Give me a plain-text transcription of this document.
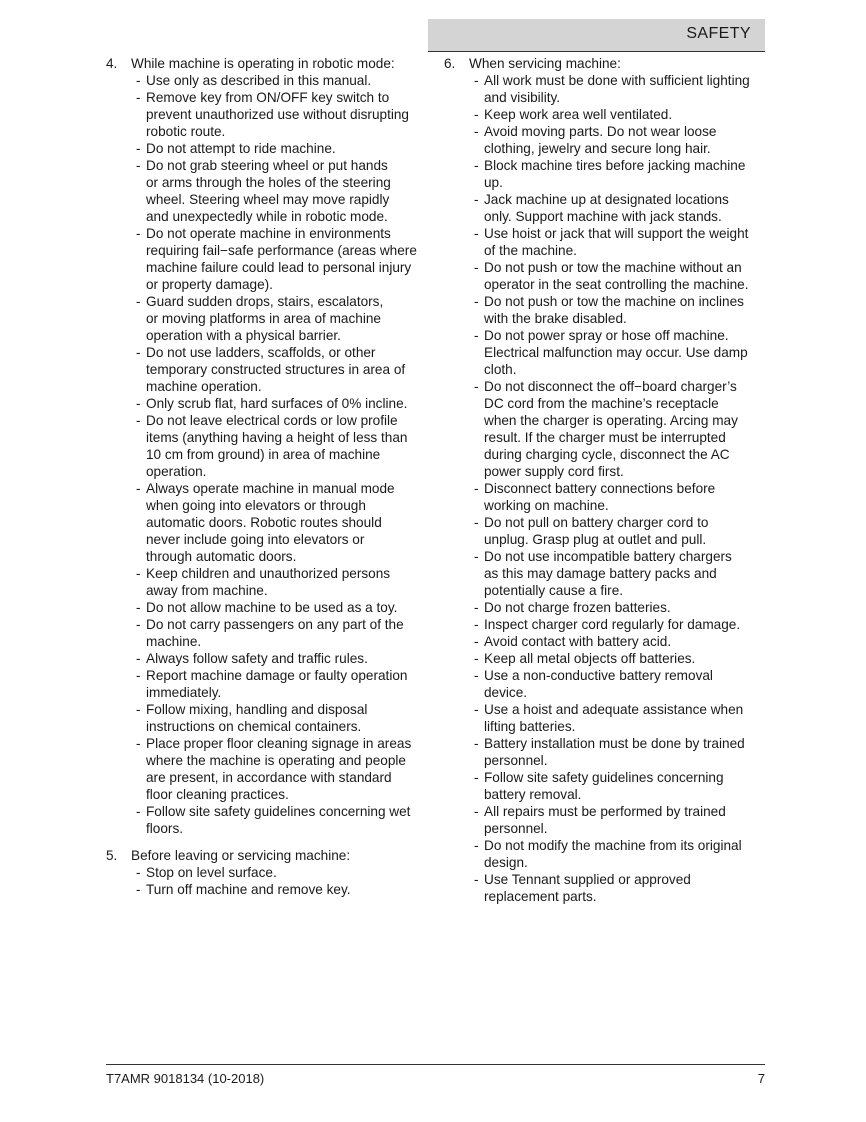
SAFETY
4.	While machine is operating in robotic mode:
- Use only as described in this manual.
- Remove key from ON/OFF key switch to
prevent unauthorized use without disrupting
robotic route.
- Do not attempt to ride machine.
- Do not grab steering wheel or put hands
or arms through the holes of the steering
wheel. Steering wheel may move rapidly
and unexpectedly while in robotic mode.
- Do not operate machine in environments
requiring fail−safe performance (areas where
machine failure could lead to personal injury
or property damage).
- Guard sudden drops, stairs, escalators,
or moving platforms in area of machine
operation with a physical barrier.
- Do not use ladders, scaffolds, or other
temporary constructed structures in area of
machine operation.
- Only scrub flat, hard surfaces of 0% incline.
- Do not leave electrical cords or low profile
items (anything having a height of less than
10 cm from ground) in area of machine
operation.
- Always operate machine in manual mode
when going into elevators or through
automatic doors. Robotic routes should
never include going into elevators or
through automatic doors.
- Keep children and unauthorized persons
away from machine.
- Do not allow machine to be used as a toy.
- Do not carry passengers on any part of the
machine.
- Always follow safety and traffic rules.
- Report machine damage or faulty operation
immediately.
- Follow mixing, handling and disposal
instructions on chemical containers.
- Place proper floor cleaning signage in areas
where the machine is operating and people
are present, in accordance with standard
floor cleaning practices.
- Follow site safety guidelines concerning wet
floors.
5.	Before leaving or servicing machine:
- Stop on level surface.
- Turn off machine and remove key.
6.	When servicing machine:
- All work must be done with sufficient lighting
and visibility.
- Keep work area well ventilated.
- Avoid moving parts. Do not wear loose
clothing, jewelry and secure long hair.
- Block machine tires before jacking machine
up.
- Jack machine up at designated locations
only. Support machine with jack stands.
- Use hoist or jack that will support the weight
of the machine.
- Do not push or tow the machine without an
operator in the seat controlling the machine.
- Do not push or tow the machine on inclines
with the brake disabled.
- Do not power spray or hose off machine.
Electrical malfunction may occur. Use damp
cloth.
- Do not disconnect the off−board charger’s
DC cord from the machine’s receptacle
when the charger is operating. Arcing may
result. If the charger must be interrupted
during charging cycle, disconnect the AC
power supply cord first.
- Disconnect battery connections before
working on machine.
- Do not pull on battery charger cord to
unplug. Grasp plug at outlet and pull.
- Do not use incompatible battery chargers
as this may damage battery packs and
potentially cause a fire.
- Do not charge frozen batteries.
- Inspect charger cord regularly for damage.
- Avoid contact with battery acid.
- Keep all metal objects off batteries.
- Use a non-conductive battery removal
device.
- Use a hoist and adequate assistance when
lifting batteries.
- Battery installation must be done by trained
personnel.
- Follow site safety guidelines concerning
battery removal.
- All repairs must be performed by trained
personnel.
- Do not modify the machine from its original
design.
- Use Tennant supplied or approved
replacement parts.
T7AMR 9018134 (10-2018)	7
